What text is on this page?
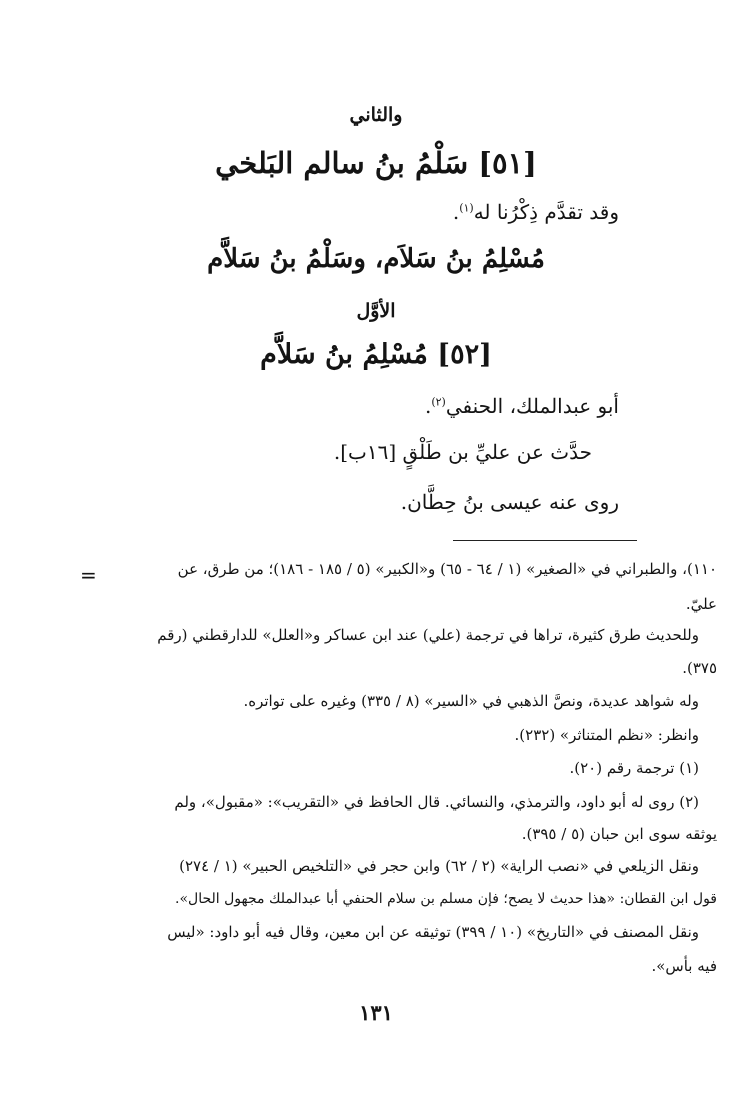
والثاني
[٥١] سَلْمُ بنُ سالم البَلخي
وقد تقدَّم ذِكْرُنا له$^{(١)}$.
مُسْلِمُ بنُ سَلاَم، وسَلْمُ بنُ سَلاَّم
الأوَّل
[٥٢] مُسْلِمُ بنُ سَلاَّم
أبو عبدالملك، الحنفي$^{(٢)}$.
حدَّث عن عليِّ بن طَلْقٍ [١٦ب].
روى عنه عيسى بنُ حِطَّان.
=	١١٠)، والطبراني في «الصغير» (١ / ٦٤ - ٦٥) و«الكبير» (٥ / ١٨٥ - ١٨٦)؛ من طرق، عن
عليّ.
وللحديث طرق كثيرة، تراها في ترجمة (علي) عند ابن عساكر و«العلل» للدارقطني (رقم
٣٧٥).
وله شواهد عديدة، ونصَّ الذهبي في «السير» (٨ / ٣٣٥) وغيره على تواتره.
وانظر: «نظم المتناثر» (٢٣٢).
(١) ترجمة رقم (٢٠).
(٢) روى له أبو داود، والترمذي، والنسائي. قال الحافظ في «التقريب»: «مقبول»، ولم
يوثقه سوى ابن حبان (٥ / ٣٩٥).
ونقل الزيلعي في «نصب الراية» (٢ / ٦٢) وابن حجر في «التلخيص الحبير» (١ / ٢٧٤)
قول ابن القطان: «هذا حديث لا يصح؛ فإن مسلم بن سلام الحنفي أبا عبدالملك مجهول الحال».
ونقل المصنف في «التاريخ» (١٠ / ٣٩٩) توثيقه عن ابن معين، وقال فيه أبو داود: «ليس
فيه بأس».
١٣١
